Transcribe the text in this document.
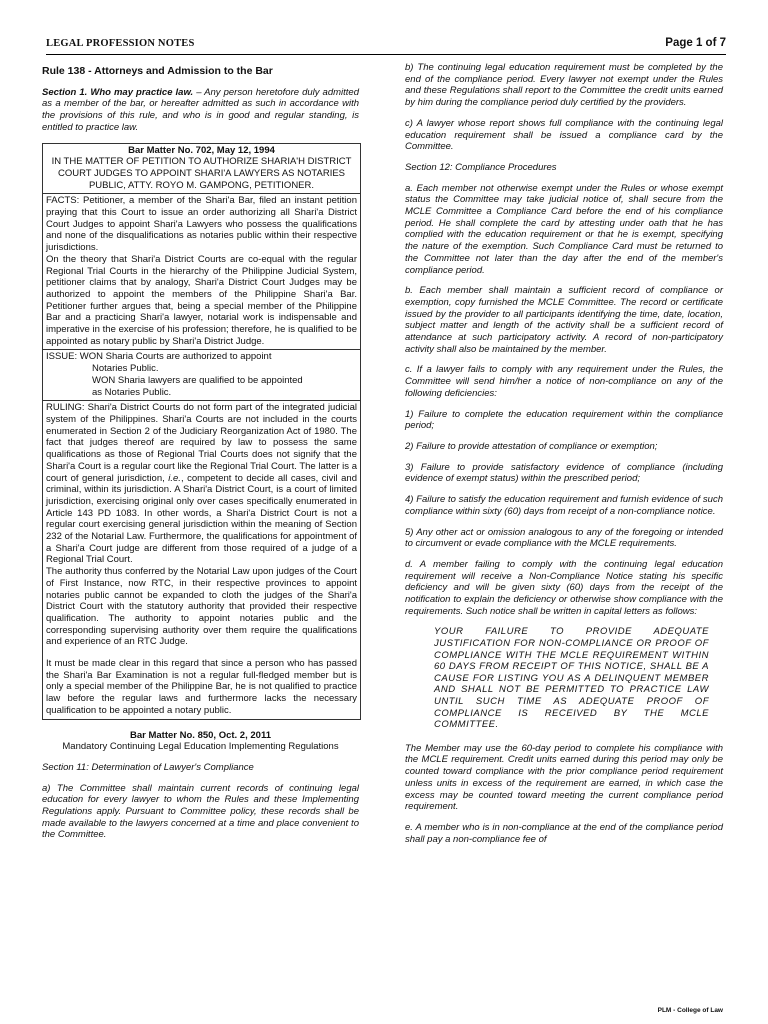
LEGAL PROFESSION NOTES	Page 1 of 7
Rule 138 - Attorneys and Admission to the Bar

Section 1. Who may practice law. – Any person heretofore duly admitted as a member of the bar, or hereafter admitted as such in accordance with the provisions of this rule, and who is in good and regular standing, is entitled to practice law.

Bar Matter No. 702, May 12, 1994

IN THE MATTER OF PETITION TO AUTHORIZE SHARIA'H DISTRICT COURT JUDGES TO APPOINT SHARI'A LAWYERS AS NOTARIES PUBLIC, ATTY. ROYO M. GAMPONG, PETITIONER.

FACTS: Petitioner, a member of the Shari'a Bar, filed an instant petition praying that this Court to issue an order authorizing all Shari'a District Court Judges to appoint Shari'a Lawyers who possess the qualifications and none of the disqualifications as notaries public within their respective jurisdictions.

On the theory that Shari'a District Courts are co-equal with the regular Regional Trial Courts in the hierarchy of the Philippine Judicial System, petitioner claims that by analogy, Shari'a District Court Judges may be authorized to appoint the members of the Philippine Shari'a Bar. Petitioner further argues that, being a special member of the Philippine Bar and a practicing Shari'a lawyer, notarial work is indispensable and imperative in the exercise of his profession; therefore, he is qualified to be appointed as notary public by Shari'a District Judge.

ISSUE: WON Sharia Courts are authorized to appoint

Notaries Public.

WON Sharia lawyers are qualified to be appointed

as Notaries Public.

RULING: Shari'a District Courts do not form part of the integrated judicial system of the Philippines. Shari'a Courts are not included in the courts enumerated in Section 2 of the Judiciary Reorganization Act of 1980. The fact that judges thereof are required by law to possess the same qualifications as those of Regional Trial Courts does not signify that the Shari'a Court is a regular court like the Regional Trial Court. The latter is a court of general jurisdiction, i.e., competent to decide all cases, civil and criminal, within its jurisdiction. A Shari'a District Court, is a court of limited jurisdiction, exercising original only over cases specifically enumerated in Article 143 PD 1083. In other words, a Shari'a District Court is not a regular court exercising general jurisdiction within the meaning of Section 232 of the Notarial Law. Furthermore, the qualifications for appointment of a Shari'a Court judge are different from those required of a judge of a Regional Trial Court.

The authority thus conferred by the Notarial Law upon judges of the Court of First Instance, now RTC, in their respective provinces to appoint notaries public cannot be expanded to cloth the judges of the Shari'a District Court with the statutory authority that provided their respective qualification. The authority to appoint notaries public and the corresponding supervising authority over them require the qualifications and experience of an RTC Judge.

It must be made clear in this regard that since a person who has passed the Shari'a Bar Examination is not a regular full-fledged member but is only a special member of the Philippine Bar, he is not qualified to practice law before the regular laws and furthermore lacks the necessary qualification to be appointed a notary public.

Bar Matter No. 850, Oct. 2, 2011

Mandatory Continuing Legal Education Implementing Regulations

Section 11: Determination of Lawyer's Compliance

a) The Committee shall maintain current records of continuing legal education for every lawyer to whom the Rules and these Implementing Regulations apply. Pursuant to Committee policy, these records shall be made available to the lawyers concerned at a time and place convenient to the Committee.

b) The continuing legal education requirement must be completed by the end of the compliance period. Every lawyer not exempt under the Rules and these Regulations shall report to the Committee the credit units earned by him during the compliance period duly certified by the providers.

c) A lawyer whose report shows full compliance with the continuing legal education requirement shall be issued a compliance card by the Committee.

Section 12: Compliance Procedures

a. Each member not otherwise exempt under the Rules or whose exempt status the Committee may take judicial notice of, shall secure from the MCLE Committee a Compliance Card before the end of his compliance period. He shall complete the card by attesting under oath that he has complied with the education requirement or that he is exempt, specifying the nature of the exemption. Such Compliance Card must be returned to the Committee not later than the day after the end of the member's compliance period.

b. Each member shall maintain a sufficient record of compliance or exemption, copy furnished the MCLE Committee. The record or certificate issued by the provider to all participants identifying the time, date, location, subject matter and length of the activity shall be a sufficient record of attendance at such participatory activity. A record of non-participatory activity shall also be maintained by the member.

c. If a lawyer fails to comply with any requirement under the Rules, the Committee will send him/her a notice of non-compliance on any of the following deficiencies:

1) Failure to complete the education requirement within the compliance period;

2) Failure to provide attestation of compliance or exemption;

3) Failure to provide satisfactory evidence of compliance (including evidence of exempt status) within the prescribed period;

4) Failure to satisfy the education requirement and furnish evidence of such compliance within sixty (60) days from receipt of a non-compliance notice.

5) Any other act or omission analogous to any of the foregoing or intended to circumvent or evade compliance with the MCLE requirements.

d. A member failing to comply with the continuing legal education requirement will receive a Non-Compliance Notice stating his specific deficiency and will be given sixty (60) days from the receipt of the notification to explain the deficiency or otherwise show compliance with the requirements. Such notice shall be written in capital letters as follows:

YOUR FAILURE TO PROVIDE ADEQUATE JUSTIFICATION FOR NON-COMPLIANCE OR PROOF OF COMPLIANCE WITH THE MCLE REQUIREMENT WITHIN 60 DAYS FROM RECEIPT OF THIS NOTICE, SHALL BE A CAUSE FOR LISTING YOU AS A DELINQUENT MEMBER AND SHALL NOT BE PERMITTED TO PRACTICE LAW UNTIL SUCH TIME AS ADEQUATE PROOF OF COMPLIANCE IS RECEIVED BY THE MCLE COMMITTEE.

The Member may use the 60-day period to complete his compliance with the MCLE requirement. Credit units earned during this period may only be counted toward compliance with the prior compliance period requirement unless units in excess of the requirement are earned, in which case the excess may be counted toward meeting the current compliance period requirement.

e. A member who is in non-compliance at the end of the compliance period shall pay a non-compliance fee of

PLM - College of Law
